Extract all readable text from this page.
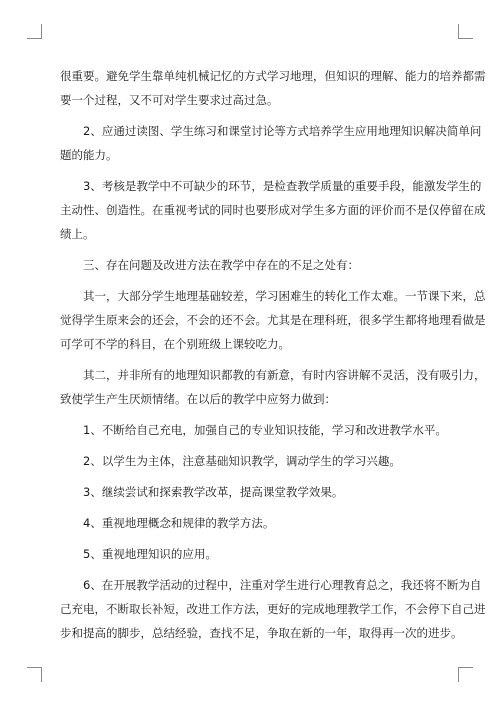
很重要。避免学生靠单纯机械记忆的方式学习地理，但知识的理解、能力的培养都需
要一个过程，又不可对学生要求过高过急。
2、应通过读图、学生练习和课堂讨论等方式培养学生应用地理知识解决简单问
题的能力。
3、考核是教学中不可缺少的环节，是检查教学质量的重要手段，能激发学生的
主动性、创造性。在重视考试的同时也要形成对学生多方面的评价而不是仅停留在成
绩上。
三、存在问题及改进方法在教学中存在的不足之处有：
其一，大部分学生地理基础较差，学习困难生的转化工作太难。一节课下来，总
觉得学生原来会的还会，不会的还不会。尤其是在理科班，很多学生都将地理看做是
可学可不学的科目，在个别班级上课较吃力。
其二，并非所有的地理知识都教的有新意，有时内容讲解不灵活，没有吸引力，
致使学生产生厌烦情绪。在以后的教学中应努力做到：
1、不断给自己充电，加强自己的专业知识技能，学习和改进教学水平。
2、以学生为主体，注意基础知识教学，调动学生的学习兴趣。
3、继续尝试和探索教学改革，提高课堂教学效果。
4、重视地理概念和规律的教学方法。
5、重视地理知识的应用。
6、在开展教学活动的过程中，注重对学生进行心理教育总之，我还将不断为自
己充电，不断取长补短，改进工作方法，更好的完成地理教学工作，不会停下自己进
步和提高的脚步，总结经验，查找不足，争取在新的一年，取得再一次的进步。
